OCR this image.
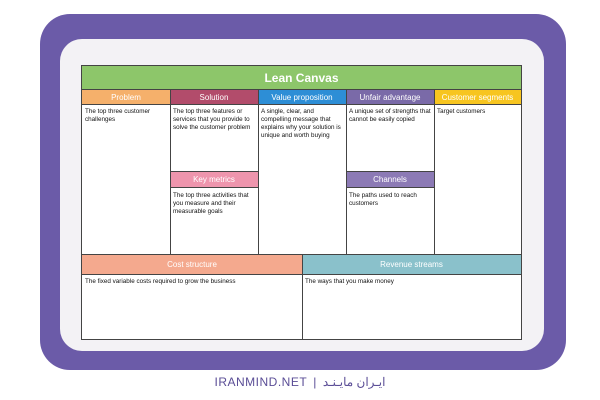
Lean Canvas
Problem
The top three customer challenges
Solution
The top three features or services that you provide to solve the customer problem
Value proposition
A single, clear, and compelling message that explains why your solution is unique and worth buying
Unfair advantage
A unique set of strengths that cannot be easily copied
Customer segments
Target customers
Key metrics
The top three activities that you measure and their measurable goals
Channels
The paths used to reach customers
Cost structure
The fixed variable costs required to grow the business
Revenue streams
The ways that you make money
IRANMIND.NET | ایـران مایـنـد
